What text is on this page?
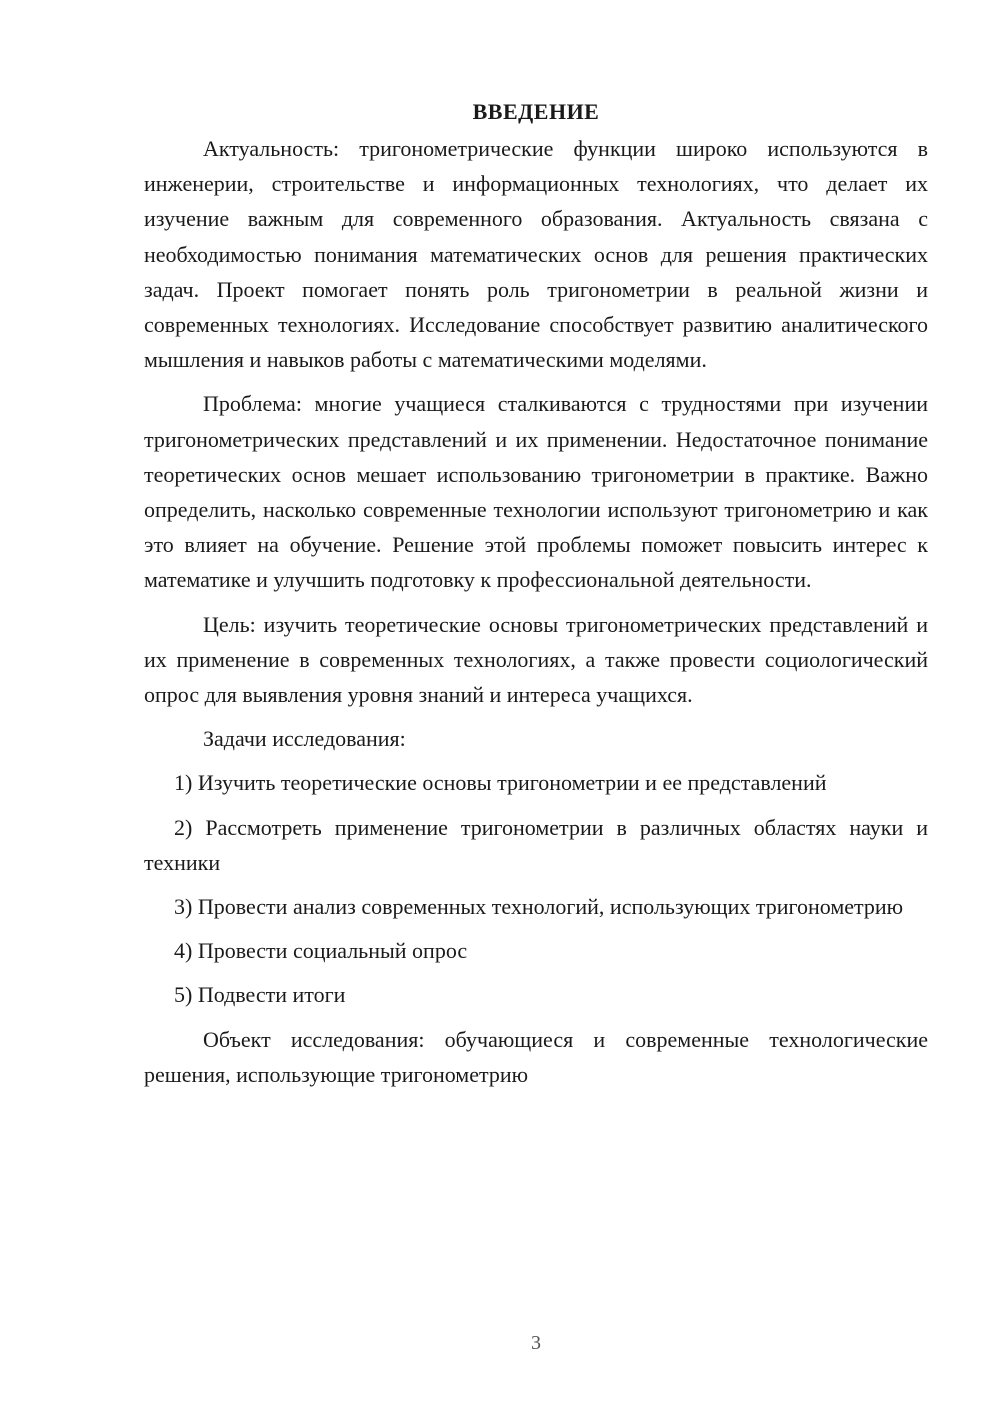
ВВЕДЕНИЕ

Актуальность: тригонометрические функции широко используются в инженерии, строительстве и информационных технологиях, что делает их изучение важным для современного образования. Актуальность связана с необходимостью понимания математических основ для решения практических задач. Проект помогает понять роль тригонометрии в реальной жизни и современных технологиях. Исследование способствует развитию аналитического мышления и навыков работы с математическими моделями.

Проблема: многие учащиеся сталкиваются с трудностями при изучении тригонометрических представлений и их применении. Недостаточное понимание теоретических основ мешает использованию тригонометрии в практике. Важно определить, насколько современные технологии используют тригонометрию и как это влияет на обучение. Решение этой проблемы поможет повысить интерес к математике и улучшить подготовку к профессиональной деятельности.

Цель: изучить теоретические основы тригонометрических представлений и их применение в современных технологиях, а также провести социологический опрос для выявления уровня знаний и интереса учащихся.

Задачи исследования:

1) Изучить теоретические основы тригонометрии и ее представлений

2) Рассмотреть применение тригонометрии в различных областях науки и техники

3) Провести анализ современных технологий, использующих тригонометрию

4) Провести социальный опрос

5) Подвести итоги

Объект исследования: обучающиеся и современные технологические решения, использующие тригонометрию

3
